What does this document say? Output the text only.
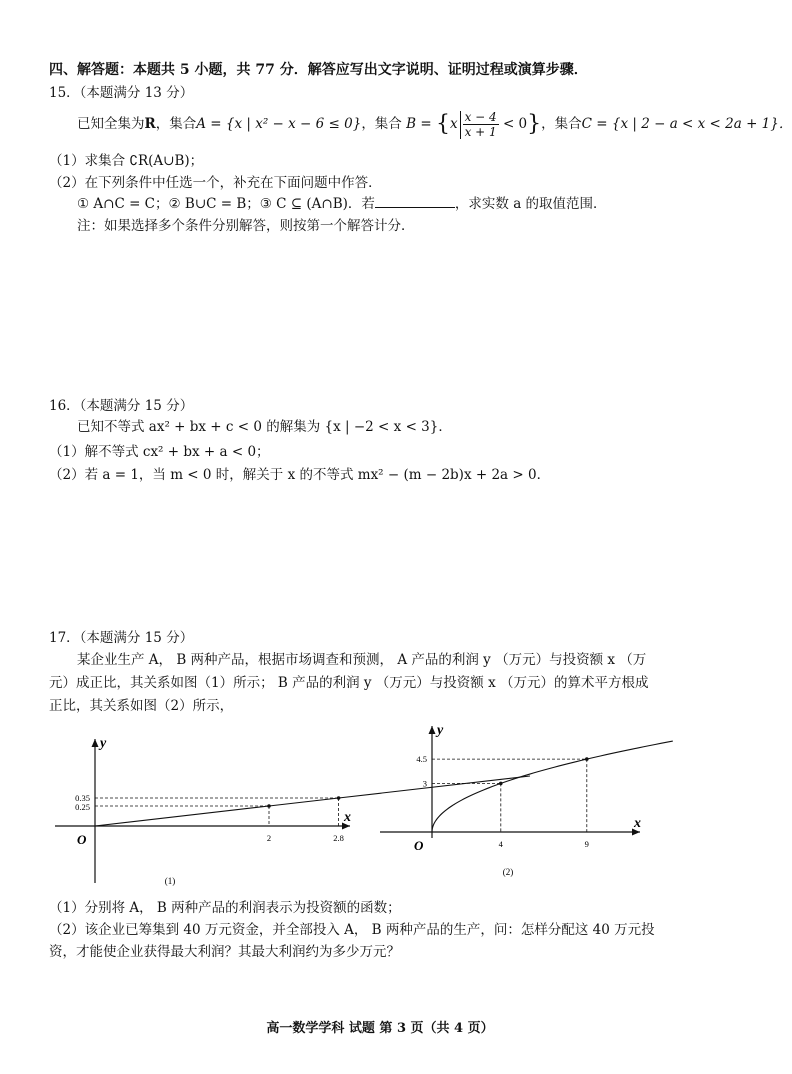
四、解答题：本题共 5 小题，共 77 分．解答应写出文字说明、证明过程或演算步骤．
15．（本题满分 13 分）
已知全集为R，集合A = {x | x² − x − 6 ≤ 0}，集合 $B = \{x \frac{x - 4}{x + 1} < 0\}$，集合C = {x | 2 − a < x < 2a + 1}．
（1）求集合 ∁R(A∪B)；
（2）在下列条件中任选一个，补充在下面问题中作答．
① A∩C = C；② B∪C = B；③ C ⊆ (A∩B)．若	，求实数 a 的取值范围．
注：如果选择多个条件分别解答，则按第一个解答计分．
16．（本题满分 15 分）
已知不等式 ax² + bx + c < 0 的解集为 {x | −2 < x < 3}．
（1）解不等式 cx² + bx + a < 0；
（2）若 a = 1，当 m < 0 时，解关于 x 的不等式 mx² − (m − 2b)x + 2a > 0．
17．（本题满分 15 分）
某企业生产 A， B 两种产品，根据市场调查和预测， A 产品的利润 y （万元）与投资额 x （万
元）成正比，其关系如图（1）所示； B 产品的利润 y （万元）与投资额 x （万元）的算术平方根成
正比，其关系如图（2）所示，
x
y
O	2	2.8
0.35
0.25
(1)
x
y
O	4	9
4.5
3
(2)
（1）分别将 A， B 两种产品的利润表示为投资额的函数；
（2）该企业已筹集到 40 万元资金，并全部投入 A， B 两种产品的生产，问：怎样分配这 40 万元投
资，才能使企业获得最大利润？其最大利润约为多少万元？
高一数学学科 试题 第 3 页（共 4 页）
